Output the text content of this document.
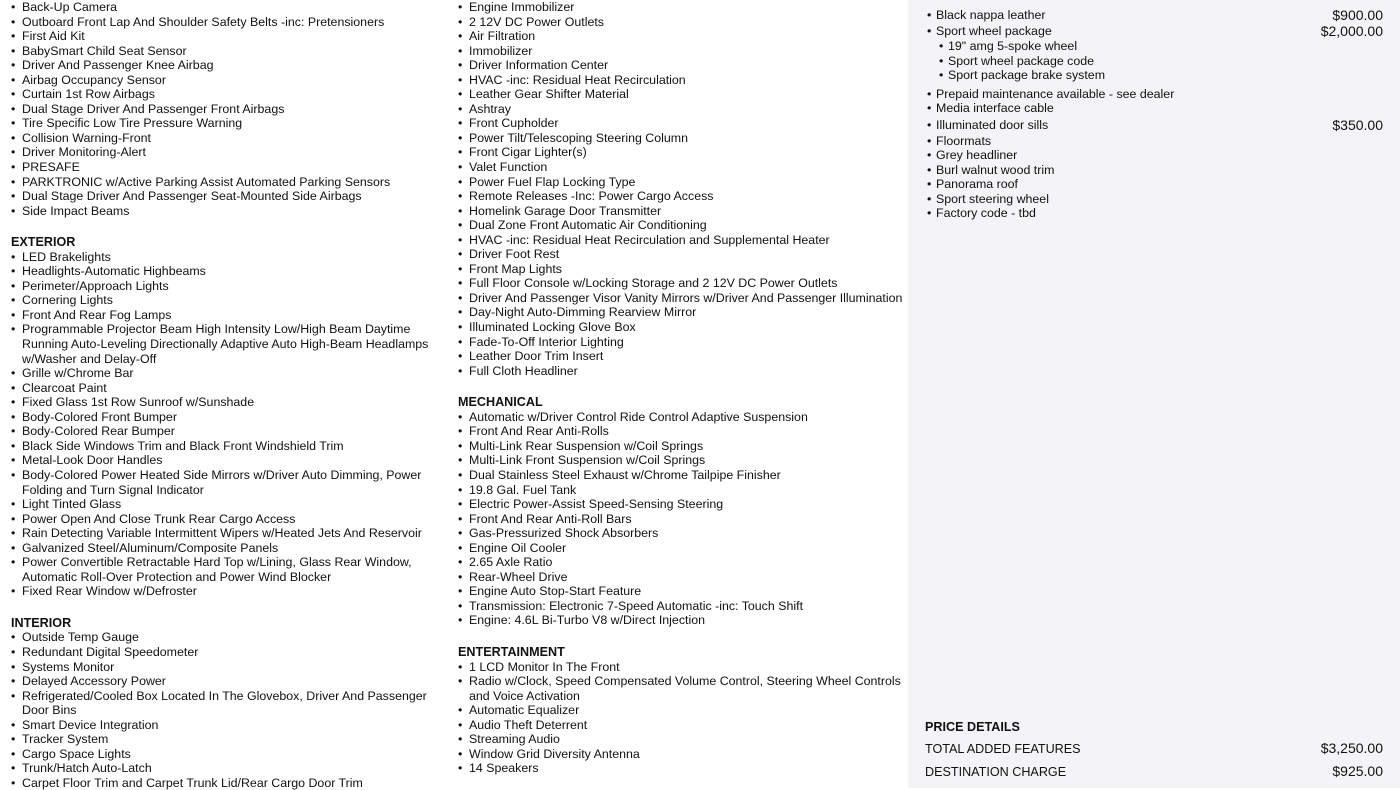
• Back-Up Camera
• Outboard Front Lap And Shoulder Safety Belts -inc: Pretensioners
• First Aid Kit
• BabySmart Child Seat Sensor
• Driver And Passenger Knee Airbag
• Airbag Occupancy Sensor
• Curtain 1st Row Airbags
• Dual Stage Driver And Passenger Front Airbags
• Tire Specific Low Tire Pressure Warning
• Collision Warning-Front
• Driver Monitoring-Alert
• PRESAFE
• PARKTRONIC w/Active Parking Assist Automated Parking Sensors
• Dual Stage Driver And Passenger Seat-Mounted Side Airbags
• Side Impact Beams
EXTERIOR
• LED Brakelights
• Headlights-Automatic Highbeams
• Perimeter/Approach Lights
• Cornering Lights
• Front And Rear Fog Lamps
• Programmable Projector Beam High Intensity Low/High Beam Daytime Running Auto-Leveling Directionally Adaptive Auto High-Beam Headlamps w/Washer and Delay-Off
• Grille w/Chrome Bar
• Clearcoat Paint
• Fixed Glass 1st Row Sunroof w/Sunshade
• Body-Colored Front Bumper
• Body-Colored Rear Bumper
• Black Side Windows Trim and Black Front Windshield Trim
• Metal-Look Door Handles
• Body-Colored Power Heated Side Mirrors w/Driver Auto Dimming, Power Folding and Turn Signal Indicator
• Light Tinted Glass
• Power Open And Close Trunk Rear Cargo Access
• Rain Detecting Variable Intermittent Wipers w/Heated Jets And Reservoir
• Galvanized Steel/Aluminum/Composite Panels
• Power Convertible Retractable Hard Top w/Lining, Glass Rear Window, Automatic Roll-Over Protection and Power Wind Blocker
• Fixed Rear Window w/Defroster
INTERIOR
• Outside Temp Gauge
• Redundant Digital Speedometer
• Systems Monitor
• Delayed Accessory Power
• Refrigerated/Cooled Box Located In The Glovebox, Driver And Passenger Door Bins
• Smart Device Integration
• Tracker System
• Cargo Space Lights
• Trunk/Hatch Auto-Latch
• Carpet Floor Trim and Carpet Trunk Lid/Rear Cargo Door Trim
• Engine Immobilizer
• 2 12V DC Power Outlets
• Air Filtration
• Immobilizer
• Driver Information Center
• HVAC -inc: Residual Heat Recirculation
• Leather Gear Shifter Material
• Ashtray
• Front Cupholder
• Power Tilt/Telescoping Steering Column
• Front Cigar Lighter(s)
• Valet Function
• Power Fuel Flap Locking Type
• Remote Releases -Inc: Power Cargo Access
• Homelink Garage Door Transmitter
• Dual Zone Front Automatic Air Conditioning
• HVAC -inc: Residual Heat Recirculation and Supplemental Heater
• Driver Foot Rest
• Front Map Lights
• Full Floor Console w/Locking Storage and 2 12V DC Power Outlets
• Driver And Passenger Visor Vanity Mirrors w/Driver And Passenger Illumination
• Day-Night Auto-Dimming Rearview Mirror
• Illuminated Locking Glove Box
• Fade-To-Off Interior Lighting
• Leather Door Trim Insert
• Full Cloth Headliner
MECHANICAL
• Automatic w/Driver Control Ride Control Adaptive Suspension
• Front And Rear Anti-Rolls
• Multi-Link Rear Suspension w/Coil Springs
• Multi-Link Front Suspension w/Coil Springs
• Dual Stainless Steel Exhaust w/Chrome Tailpipe Finisher
• 19.8 Gal. Fuel Tank
• Electric Power-Assist Speed-Sensing Steering
• Front And Rear Anti-Roll Bars
• Gas-Pressurized Shock Absorbers
• Engine Oil Cooler
• 2.65 Axle Ratio
• Rear-Wheel Drive
• Engine Auto Stop-Start Feature
• Transmission: Electronic 7-Speed Automatic -inc: Touch Shift
• Engine: 4.6L Bi-Turbo V8 w/Direct Injection
ENTERTAINMENT
• 1 LCD Monitor In The Front
• Radio w/Clock, Speed Compensated Volume Control, Steering Wheel Controls and Voice Activation
• Automatic Equalizer
• Audio Theft Deterrent
• Streaming Audio
• Window Grid Diversity Antenna
• 14 Speakers
• Black nappa leather	$900.00
• Sport wheel package	$2,000.00
• 19" amg 5-spoke wheel
• Sport wheel package code
• Sport package brake system
• Prepaid maintenance available - see dealer
• Media interface cable
• Illuminated door sills	$350.00
• Floormats
• Grey headliner
• Burl walnut wood trim
• Panorama roof
• Sport steering wheel
• Factory code - tbd
PRICE DETAILS
TOTAL ADDED FEATURES	$3,250.00
DESTINATION CHARGE	$925.00
